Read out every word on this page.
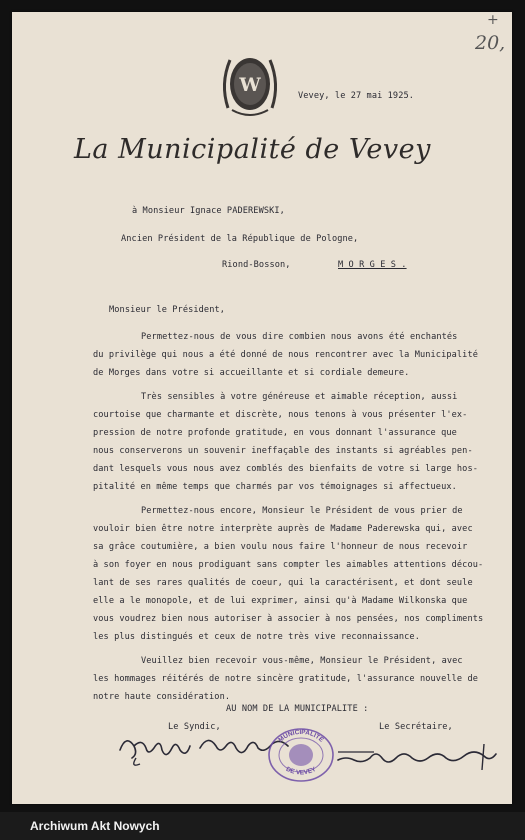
+
20,
W	Vevey, le 27 mai 1925.
La Municipalité de Vevey
à Monsieur Ignace PADEREWSKI,
Ancien Président de la République de Pologne,
Riond-Bosson,	M O R G E S .
Monsieur le Président,
Permettez-nous de vous dire combien nous avons été enchantés
du privilège qui nous a été donné de nous rencontrer avec la Municipalité
de Morges dans votre si accueillante et si cordiale demeure.
Très sensibles à votre généreuse et aimable réception, aussi
courtoise que charmante et discrète, nous tenons à vous présenter l'ex-
pression de notre profonde gratitude, en vous donnant l'assurance que
nous conserverons un souvenir ineffaçable des instants si agréables pen-
dant lesquels vous nous avez comblés des bienfaits de votre si large hos-
pitalité en même temps que charmés par vos témoignages si affectueux.
Permettez-nous encore, Monsieur le Président de vous prier de
vouloir bien être notre interprète auprès de Madame Paderewska qui, avec
sa grâce coutumière, a bien voulu nous faire l'honneur de nous recevoir
à son foyer en nous prodiguant sans compter les aimables attentions décou-
lant de ses rares qualités de coeur, qui la caractérisent, et dont seule
elle a le monopole, et de lui exprimer, ainsi qu'à Madame Wilkonska que
vous voudrez bien nous autoriser à associer à nos pensées, nos compliments
les plus distingués et ceux de notre très vive reconnaissance.
Veuillez bien recevoir vous-même, Monsieur le Président, avec
les hommages réitérés de notre sincère gratitude, l'assurance nouvelle de
notre haute considération.
AU NOM DE LA MUNICIPALITE :
Le Syndic,	Le Secrétaire,
MUNICIPALITÉ
DE VEVEY
Archiwum Akt Nowych
